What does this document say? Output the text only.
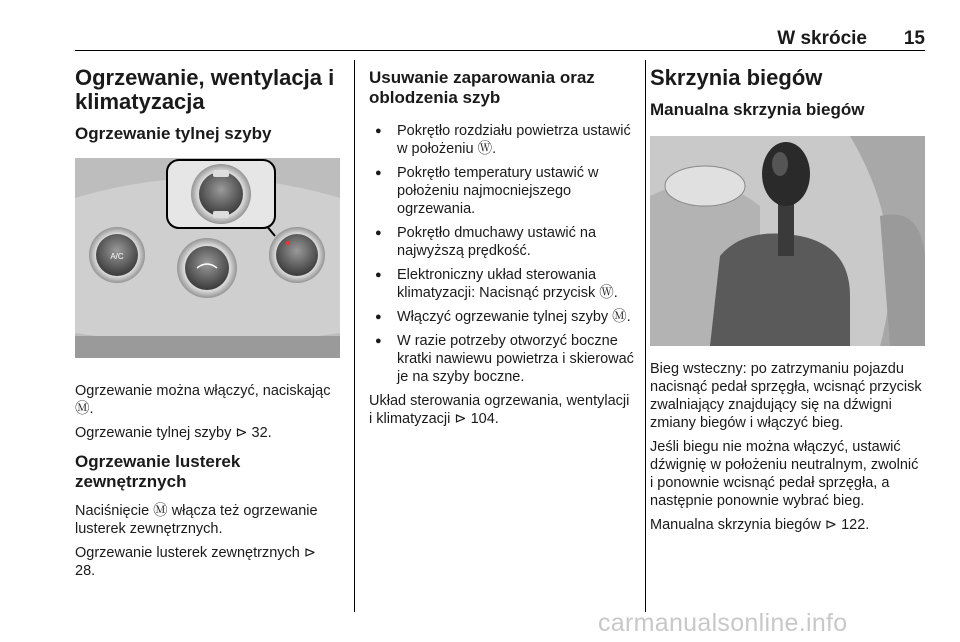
W skrócie 15
Ogrzewanie, wentylacja i klimatyzacja
Ogrzewanie tylnej szyby
A/C

Ogrzewanie można włączyć, naciskając Ⓜ.

Ogrzewanie tylnej szyby ⊳ 32.

Ogrzewanie lusterek zewnętrznych

Naciśnięcie Ⓜ włącza też ogrzewanie lusterek zewnętrznych.

Ogrzewanie lusterek zewnętrznych ⊳ 28.

Usuwanie zaparowania oraz oblodzenia szyb
● Pokrętło rozdziału powietrza ustawić w położeniu Ⓦ.
● Pokrętło temperatury ustawić w położeniu najmocniejszego ogrzewania.
● Pokrętło dmuchawy ustawić na najwyższą prędkość.
● Elektroniczny układ sterowania klimatyzacji: Nacisnąć przycisk Ⓦ.
● Włączyć ogrzewanie tylnej szyby Ⓜ.
● W razie potrzeby otworzyć boczne kratki nawiewu powietrza i skierować je na szyby boczne.

Układ sterowania ogrzewania, wentylacji i klimatyzacji ⊳ 104.

Skrzynia biegów
Manualna skrzynia biegów

Bieg wsteczny: po zatrzymaniu pojazdu nacisnąć pedał sprzęgła, wcisnąć przycisk zwalniający znajdujący się na dźwigni zmiany biegów i włączyć bieg.

Jeśli biegu nie można włączyć, ustawić dźwignię w położeniu neutralnym, zwolnić i ponownie wcisnąć pedał sprzęgła, a następnie ponownie wybrać bieg.

Manualna skrzynia biegów ⊳ 122.

carmanualsonline.info
